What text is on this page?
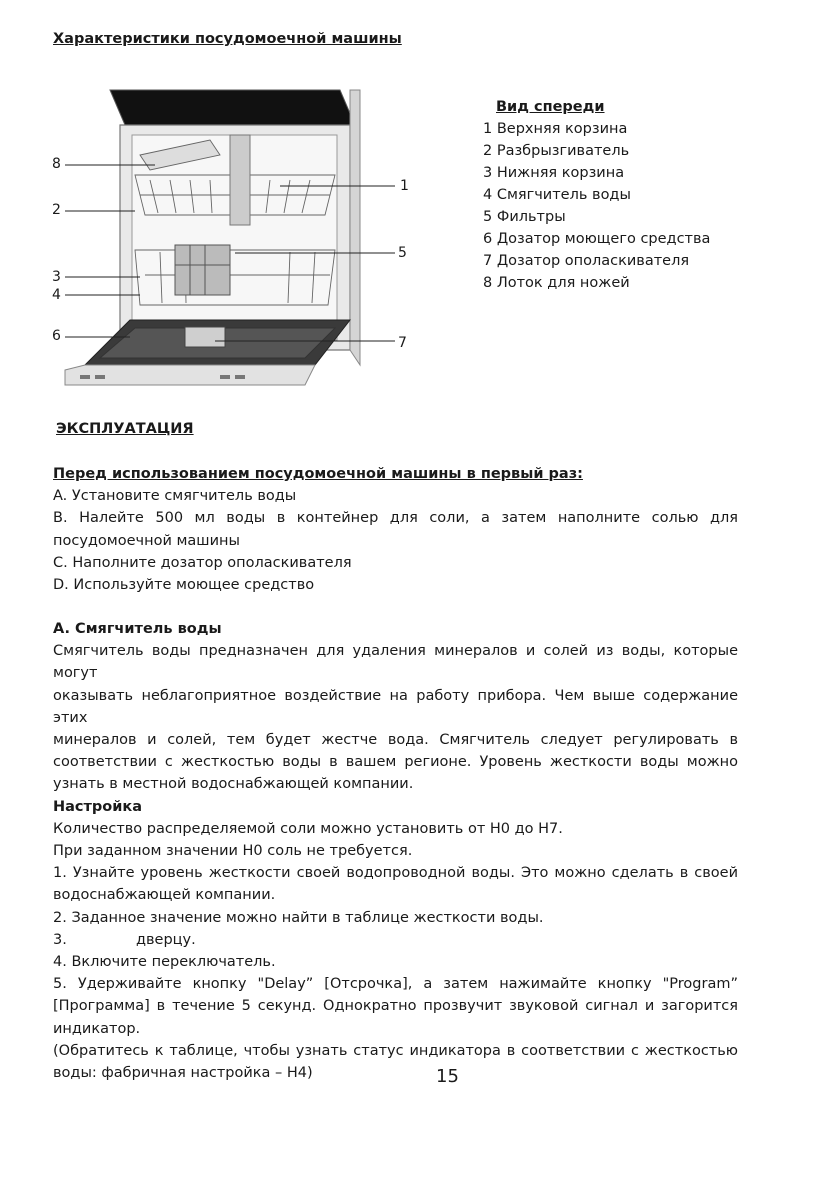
Характеристики посудомоечной машины
8
2
3
4
6
1
5
7
Вид спереди
1 Верхняя корзина
2 Разбрызгиватель
3 Нижняя корзина
4 Смягчитель воды
5 Фильтры
6 Дозатор моющего средства
7 Дозатор ополаскивателя
8 Лоток для ножей
ЭКСПЛУАТАЦИЯ
Перед использованием посудомоечной машины в первый раз:
A. Установите смягчитель воды
B. Налейте 500 мл воды в контейнер для соли, а затем наполните солью для
посудомоечной машины
C. Наполните дозатор ополаскивателя
D. Используйте моющее средство
A. Смягчитель воды
Смягчитель воды предназначен для удаления минералов и солей из воды, которые могут
оказывать неблагоприятное воздействие на работу прибора. Чем выше содержание этих
минералов и солей, тем будет жестче вода. Смягчитель следует регулировать в
соответствии с жесткостью воды в вашем регионе. Уровень жесткости воды можно
узнать в местной водоснабжающей компании.
Настройка
Количество распределяемой соли можно установить от H0 до H7.
При заданном значении H0 соль не требуется.
1. Узнайте уровень жесткости своей водопроводной воды. Это можно сделать в своей
водоснабжающей компании.
2. Заданное значение можно найти в таблице жесткости воды.
3.               дверцу.
4. Включите переключатель.
5. Удерживайте кнопку "Delay” [Отсрочка], а затем нажимайте кнопку "Program”
[Программа] в течение 5 секунд. Однократно прозвучит звуковой сигнал и загорится
индикатор.
(Обратитесь к таблице, чтобы узнать статус индикатора в соответствии с жесткостью
воды: фабричная настройка – H4)	15
